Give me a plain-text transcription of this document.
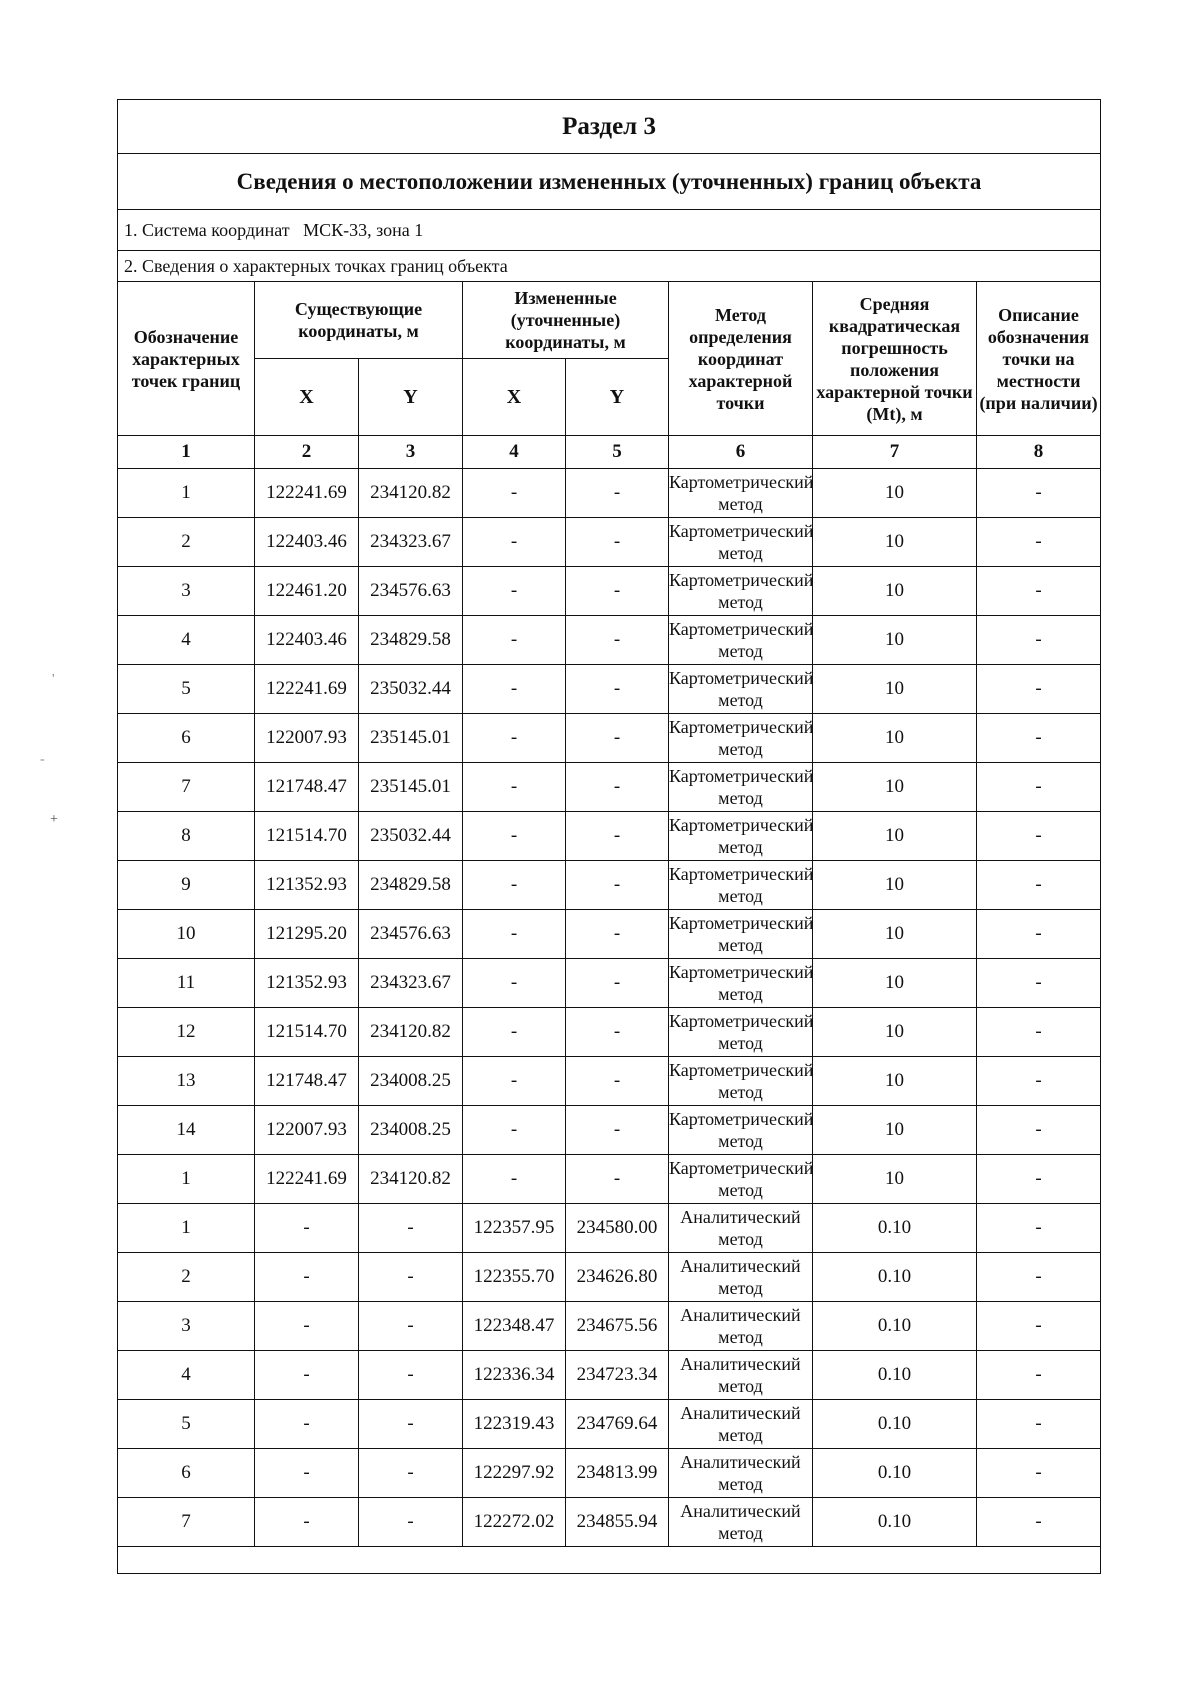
Раздел 3							
Сведения о местоположении измененных (уточненных) границ объекта							
1. Система координат МСК-33, зона 1							
2. Сведения о характерных точках границ объекта							
Обозначение характерных точек границ	Существующие координаты, м		Измененные (уточненные) координаты, м		Метод определения координат характерной точки	Средняя квадратическая погрешность положения характерной точки (Mt), м	Описание обозначения точки на местности (при наличии)
	X	Y	X	Y			
1	2	3	4	5	6	7	8
1	122241.69	234120.82	-	-	Картометрический метод	10	-
2	122403.46	234323.67	-	-	Картометрический метод	10	-
3	122461.20	234576.63	-	-	Картометрический метод	10	-
4	122403.46	234829.58	-	-	Картометрический метод	10	-
5	122241.69	235032.44	-	-	Картометрический метод	10	-
6	122007.93	235145.01	-	-	Картометрический метод	10	-
7	121748.47	235145.01	-	-	Картометрический метод	10	-
8	121514.70	235032.44	-	-	Картометрический метод	10	-
9	121352.93	234829.58	-	-	Картометрический метод	10	-
10	121295.20	234576.63	-	-	Картометрический метод	10	-
11	121352.93	234323.67	-	-	Картометрический метод	10	-
12	121514.70	234120.82	-	-	Картометрический метод	10	-
13	121748.47	234008.25	-	-	Картометрический метод	10	-
14	122007.93	234008.25	-	-	Картометрический метод	10	-
1	122241.69	234120.82	-	-	Картометрический метод	10	-
1	-	-	122357.95	234580.00	Аналитический метод	0.10	-
2	-	-	122355.70	234626.80	Аналитический метод	0.10	-
3	-	-	122348.47	234675.56	Аналитический метод	0.10	-
4	-	-	122336.34	234723.34	Аналитический метод	0.10	-
5	-	-	122319.43	234769.64	Аналитический метод	0.10	-
6	-	-	122297.92	234813.99	Аналитический метод	0.10	-
7	-	-	122272.02	234855.94	Аналитический метод	0.10	-

'
-
+
